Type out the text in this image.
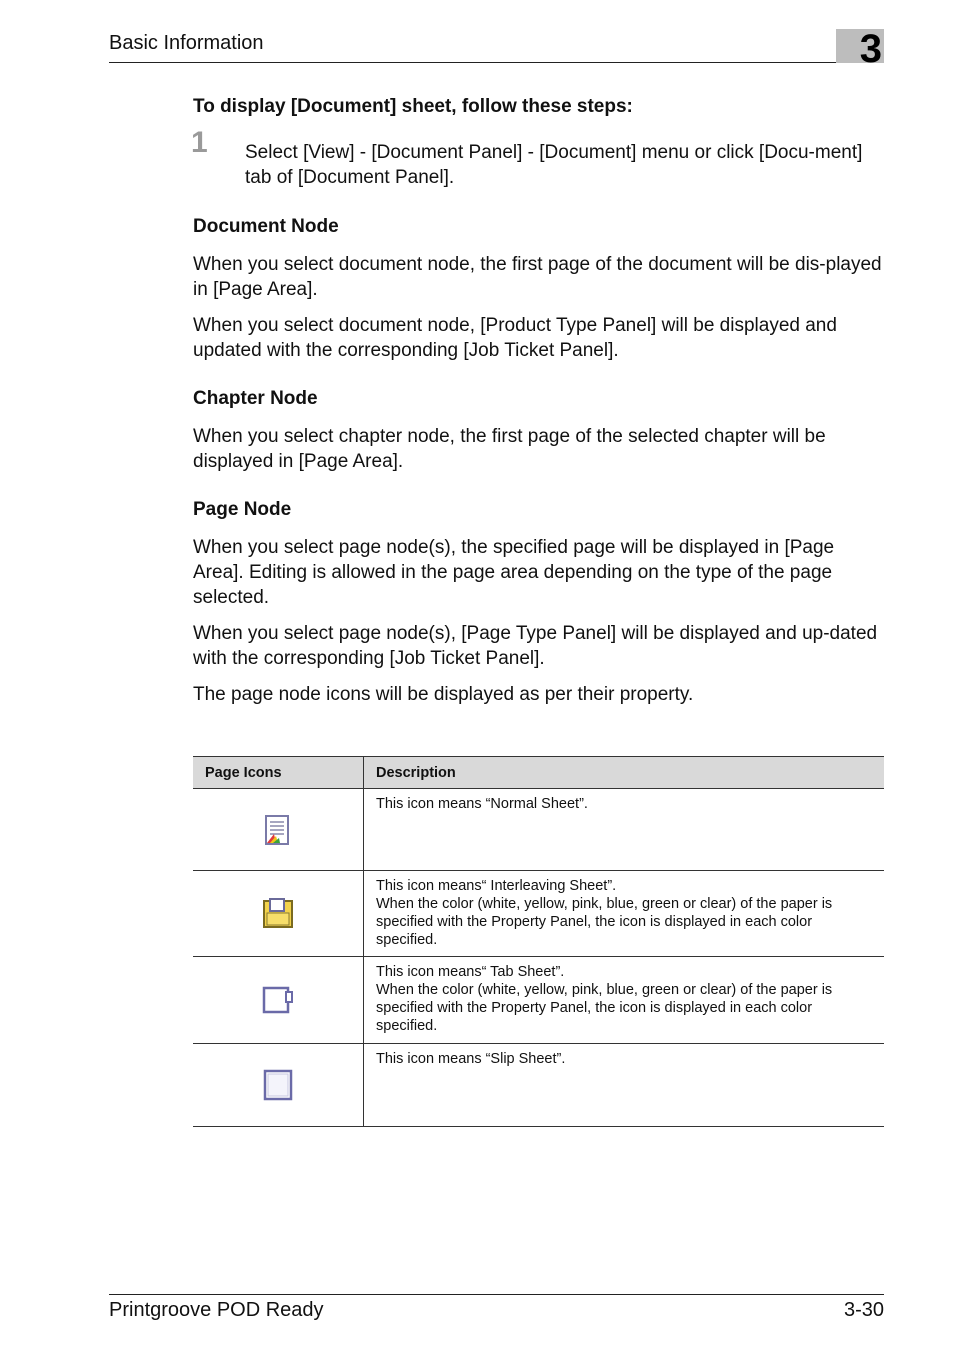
Basic Information	3
To display [Document] sheet, follow these steps:
1 Select [View] - [Document Panel] - [Document] menu or click [Docu-ment] tab of [Document Panel].
Document Node

When you select document node, the first page of the document will be dis-played in [Page Area].

When you select document node, [Product Type Panel] will be displayed and updated with the corresponding [Job Ticket Panel].

Chapter Node

When you select chapter node, the first page of the selected chapter will be displayed in [Page Area].

Page Node

When you select page node(s), the specified page will be displayed in [Page Area]. Editing is allowed in the page area depending on the type of the page selected.

When you select page node(s), [Page Type Panel] will be displayed and up-dated with the corresponding [Job Ticket Panel].

The page node icons will be displayed as per their property.

Page Icons	Description

	This icon means “Normal Sheet”.

	This icon means“ Interleaving Sheet”.
When the color (white, yellow, pink, blue, green or clear) of the paper is specified with the Property Panel, the icon is displayed in each color specified.

	This icon means“ Tab Sheet”.
When the color (white, yellow, pink, blue, green or clear) of the paper is specified with the Property Panel, the icon is displayed in each color specified.

	This icon means “Slip Sheet”.
Printgroove POD Ready	3-30
